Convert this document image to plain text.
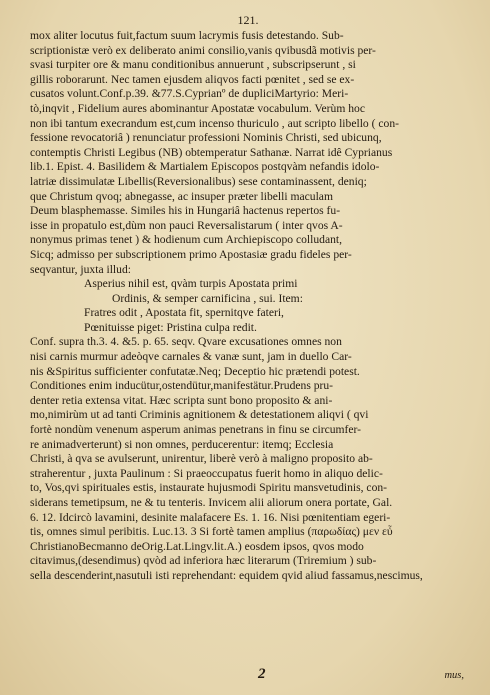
121.
mox aliter locutus fuit,factum suum lacrymis fusis detestando. Sub-
scriptionistæ verò ex deliberato animi consilio,vanis qvibusdã motivis per-
svasi turpiter ore & manu conditionibus annuerunt , subscripserunt , si
gillis roborarunt. Nec tamen ejusdem aliqvos facti pœnitet , sed se ex-
cusatos volunt.Conf.p.39. &77.S.Cyprianº de dupliciMartyrio: Meri-
tò,inqvit , Fidelium aures abominantur Apostatæ vocabulum. Verùm hoc
non ibi tantum execrandum est,cum incenso thuriculo , aut scripto libello ( con-
fessione revocatoriâ ) renunciatur professioni Nominis Christi, sed ubicunq,
contemptis Christi Legibus (NB) obtemperatur Sathanæ. Narrat idê Cyprianus
lib.1. Epist. 4. Basilidem & Martialem Episcopos postqvàm nefandis idolo-
latriæ dissimulatæ Libellis(Reversionalibus) sese contaminassent, deniq;
que Christum qvoq; abnegasse, ac insuper præter libelli maculam
Deum blasphemasse. Similes his in Hungariâ hactenus repertos fu-
isse in propatulo est,dùm non pauci Reversalistarum ( inter qvos A-
nonymus primas tenet ) & hodienum cum Archiepiscopo colludant,
Sicq; admisso per subscriptionem primo Apostasiæ gradu fideles per-
seqvantur, juxta illud:
Asperius nihil est, qvàm turpis Apostata primi
Ordinis, & semper carnificina , sui. Item:
Fratres odit , Apostata fit, spernitqve fateri,
Pœnituisse piget: Pristina culpa redit.
Conf. supra th.3. 4. &5. p. 65. seqv. Qvare excusationes omnes non
nisi carnis murmur adeòqve carnales & vanæ sunt, jam in duello Car-
nis &Spiritus sufficienter confutatæ.Neq; Deceptio hic prætendi potest.
Conditiones enim inducütur,ostendütur,manifestätur.Prudens pru-
denter retia extensa vitat. Hæc scripta sunt bono proposito & ani-
mo,nimirùm ut ad tanti Criminis agnitionem & detestationem aliqvi ( qvi
fortè nondùm venenum asperum animas penetrans in finu se circumfer-
re animadverterunt) si non omnes, perducerentur: itemq; Ecclesia
Christi, à qva se avulserunt, unirentur, liberè verò à maligno proposito ab-
straherentur , juxta Paulinum : Si praeoccupatus fuerit homo in aliquo delic-
to, Vos,qvi spirituales estis, instaurate hujusmodi Spiritu mansvetudinis, con-
siderans temetipsum, ne & tu tenteris. Invicem alii aliorum onera portate, Gal.
6. 12. Idcircò lavamini, desinite malafacere Es. 1. 16. Nisi pœnitentiam egeri-
tis, omnes simul peribitis. Luc.13. 3 Si fortè tamen amplius (παρωδίας) μεν εὖ
ChristianoBecmanno deOrig.Lat.Lingv.lit.A.) eosdem ipsos, qvos modo
citavimus,(desendimus) qvòd ad inferiora hæc literarum (Triremium ) sub-
sella descenderint,nasutuli isti reprehendant: equidem qvid aliud fassamus,nescimus,
2	mus,
